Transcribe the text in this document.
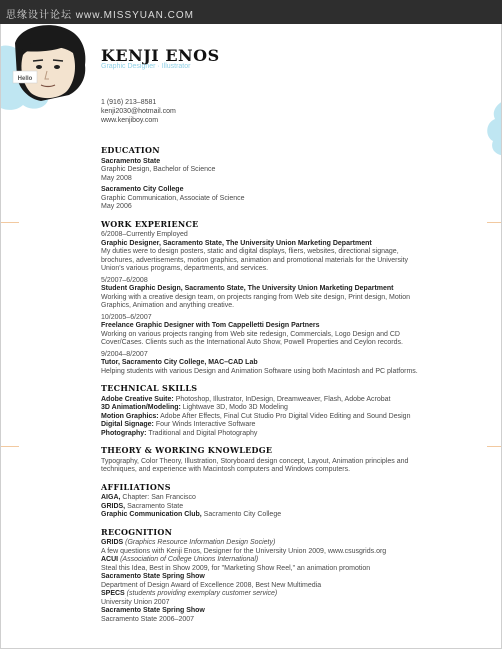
Hello
KENJI ENOS
Graphic Designer · Illustrator
1 (916) 213–8581
kenji2030@hotmail.com
www.kenjiboy.com
EDUCATION
Sacramento State
Graphic Design, Bachelor of Science
May 2008
Sacramento City College
Graphic Communication, Associate of Science
May 2006
WORK EXPERIENCE
6/2008–Currently Employed
Graphic Designer, Sacramento State, The University Union Marketing Department
My duties were to design posters, static and digital displays, fliers, websites, directional signage, brochures, advertisements, motion graphics, animation and promotional materials for the University Union's various programs, departments, and services.
5/2007–6/2008
Student Graphic Design, Sacramento State, The University Union Marketing Department
Working with a creative design team, on projects ranging from Web site design, Print design, Motion Graphics, Animation and anything creative.
10/2005–6/2007
Freelance Graphic Designer with Tom Cappelletti Design Partners
Working on various projects ranging from Web site redesign, Commercials, Logo Design and CD Cover/Cases. Clients such as the International Auto Show, Powell Properties and Ceylon records.
9/2004–8/2007
Tutor, Sacramento City College, MAC–CAD Lab
Helping students with various Design and Animation Software using both Macintosh and PC platforms.
TECHNICAL SKILLS
Adobe Creative Suite: Photoshop, Illustrator, InDesign, Dreamweaver, Flash, Adobe Acrobat
3D Animation/Modeling: Lightwave 3D, Modo 3D Modeling
Motion Graphics: Adobe After Effects, Final Cut Studio Pro Digital Video Editing and Sound Design
Digital Signage: Four Winds Interactive Software
Photography: Traditional and Digital Photography
THEORY & WORKING KNOWLEDGE
Typography, Color Theory, Illustration, Storyboard design concept, Layout, Animation principles and techniques, and experience with Macintosh computers and Windows computers.
AFFILIATIONS
AIGA, Chapter: San Francisco
GRIDS, Sacramento State
Graphic Communication Club, Sacramento City College
RECOGNITION
GRIDS (Graphics Resource Information Design Society)
A few questions with Kenji Enos, Designer for the University Union 2009, www.csusgrids.org
ACUI (Association of College Unions International)
Steal this Idea, Best in Show 2009, for "Marketing Show Reel," an animation promotion
Sacramento State Spring Show
Department of Design Award of Excellence 2008, Best New Multimedia
SPECS (students providing exemplary customer service)
University Union 2007
Sacramento State Spring Show
Sacramento State 2006–2007
思缘设计论坛 www.MISSYUAN.COM
